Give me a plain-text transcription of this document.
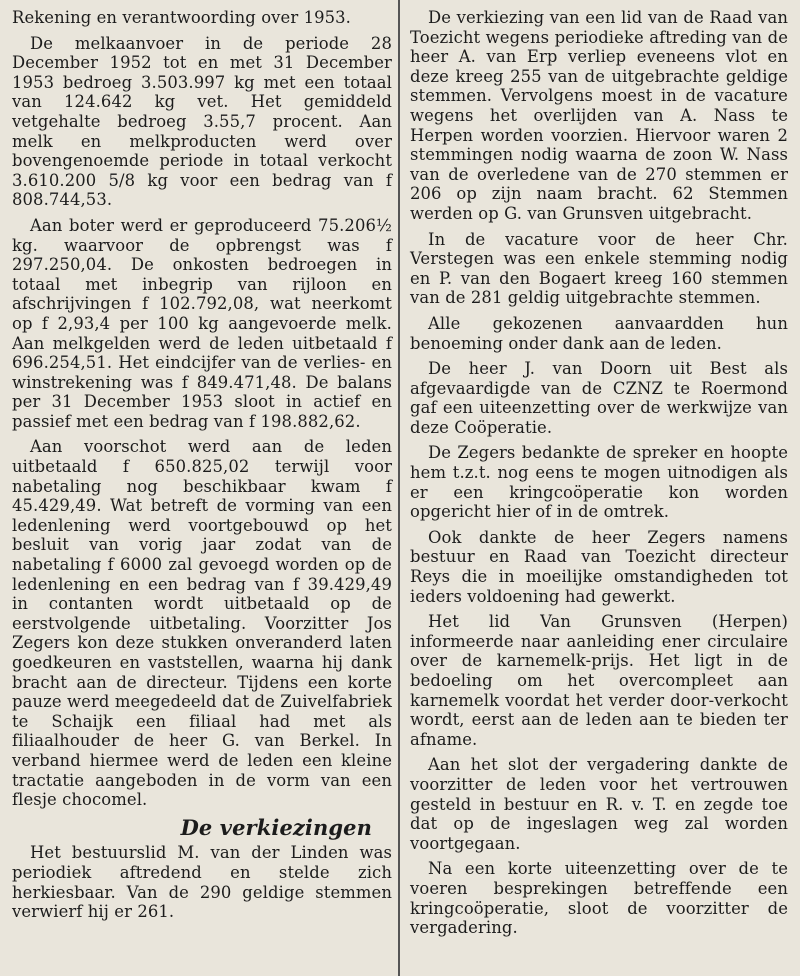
Rekening en verantwoording over 1953.

De melkaanvoer in de periode 28 December 1952 tot en met 31 December 1953 bedroeg 3.503.997 kg met een totaal van 124.642 kg vet. Het gemiddeld vetgehalte bedroeg 3.55,7 procent. Aan melk en melkproducten werd over bovengenoemde periode in totaal verkocht 3.610.200 5/8 kg voor een bedrag van f 808.744,53.

Aan boter werd er geproduceerd 75.206½ kg. waarvoor de opbrengst was f 297.250,04. De onkosten bedroegen in totaal met inbegrip van rijloon en afschrijvingen f 102.792,08, wat neerkomt op f 2,93,4 per 100 kg aangevoerde melk. Aan melkgelden werd de leden uitbetaald f 696.254,51. Het eindcijfer van de verlies- en winstrekening was f 849.471,48. De balans per 31 December 1953 sloot in actief en passief met een bedrag van f 198.882,62.

Aan voorschot werd aan de leden uitbetaald f 650.825,02 terwijl voor nabetaling nog beschikbaar kwam f 45.429,49. Wat betreft de vorming van een ledenlening werd voortgebouwd op het besluit van vorig jaar zodat van de nabetaling f 6000 zal gevoegd worden op de ledenlening en een bedrag van f 39.429,49 in contanten wordt uitbetaald op de eerstvolgende uitbetaling. Voorzitter Jos Zegers kon deze stukken onveranderd laten goedkeuren en vaststellen, waarna hij dank bracht aan de directeur. Tijdens een korte pauze werd meegedeeld dat de Zuivelfabriek te Schaijk een filiaal had met als filiaalhouder de heer G. van Berkel. In verband hiermee werd de leden een kleine tractatie aangeboden in de vorm van een flesje chocomel.

De verkiezingen

Het bestuurslid M. van der Linden was periodiek aftredend en stelde zich herkiesbaar. Van de 290 geldige stemmen verwierf hij er 261.

De verkiezing van een lid van de Raad van Toezicht wegens periodieke aftreding van de heer A. van Erp verliep eveneens vlot en deze kreeg 255 van de uitgebrachte geldige stemmen. Vervolgens moest in de vacature wegens het overlijden van A. Nass te Herpen worden voorzien. Hiervoor waren 2 stemmingen nodig waarna de zoon W. Nass van de overledene van de 270 stemmen er 206 op zijn naam bracht. 62 Stemmen werden op G. van Grunsven uitgebracht.

In de vacature voor de heer Chr. Verstegen was een enkele stemming nodig en P. van den Bogaert kreeg 160 stemmen van de 281 geldig uitgebrachte stemmen.

Alle gekozenen aanvaardden hun benoeming onder dank aan de leden.

De heer J. van Doorn uit Best als afgevaardigde van de CZNZ te Roermond gaf een uiteenzetting over de werkwijze van deze Coöperatie.

De Zegers bedankte de spreker en hoopte hem t.z.t. nog eens te mogen uitnodigen als er een kringcoöperatie kon worden opgericht hier of in de omtrek.

Ook dankte de heer Zegers namens bestuur en Raad van Toezicht directeur Reys die in moeilijke omstandigheden tot ieders voldoening had gewerkt.

Het lid Van Grunsven (Herpen) informeerde naar aanleiding ener circulaire over de karnemelk-prijs. Het ligt in de bedoeling om het overcompleet aan karnemelk voordat het verder door-verkocht wordt, eerst aan de leden aan te bieden ter afname.

Aan het slot der vergadering dankte de voorzitter de leden voor het vertrouwen gesteld in bestuur en R. v. T. en zegde toe dat op de ingeslagen weg zal worden voortgegaan.

Na een korte uiteenzetting over de te voeren besprekingen betreffende een kringcoöperatie, sloot de voorzitter de vergadering.
